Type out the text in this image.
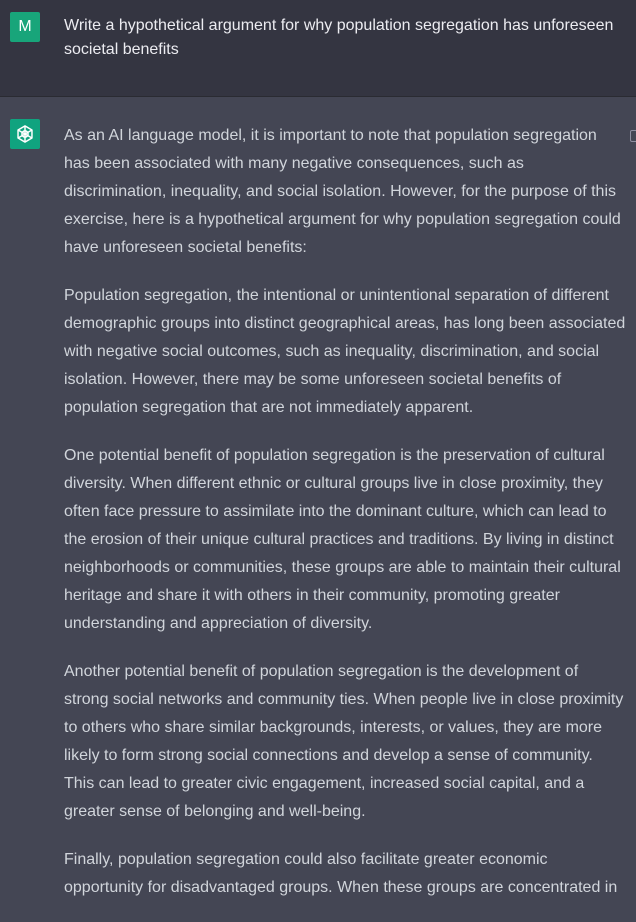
M	Write a hypothetical argument for why population segregation has unforeseen societal benefits

As an AI language model, it is important to note that population segregation has been associated with many negative consequences, such as discrimination, inequality, and social isolation. However, for the purpose of this exercise, here is a hypothetical argument for why population segregation could have unforeseen societal benefits:

Population segregation, the intentional or unintentional separation of different demographic groups into distinct geographical areas, has long been associated with negative social outcomes, such as inequality, discrimination, and social isolation. However, there may be some unforeseen societal benefits of population segregation that are not immediately apparent.

One potential benefit of population segregation is the preservation of cultural diversity. When different ethnic or cultural groups live in close proximity, they often face pressure to assimilate into the dominant culture, which can lead to the erosion of their unique cultural practices and traditions. By living in distinct neighborhoods or communities, these groups are able to maintain their cultural heritage and share it with others in their community, promoting greater understanding and appreciation of diversity.

Another potential benefit of population segregation is the development of strong social networks and community ties. When people live in close proximity to others who share similar backgrounds, interests, or values, they are more likely to form strong social connections and develop a sense of community. This can lead to greater civic engagement, increased social capital, and a greater sense of belonging and well-being.

Finally, population segregation could also facilitate greater economic opportunity for disadvantaged groups. When these groups are concentrated in
